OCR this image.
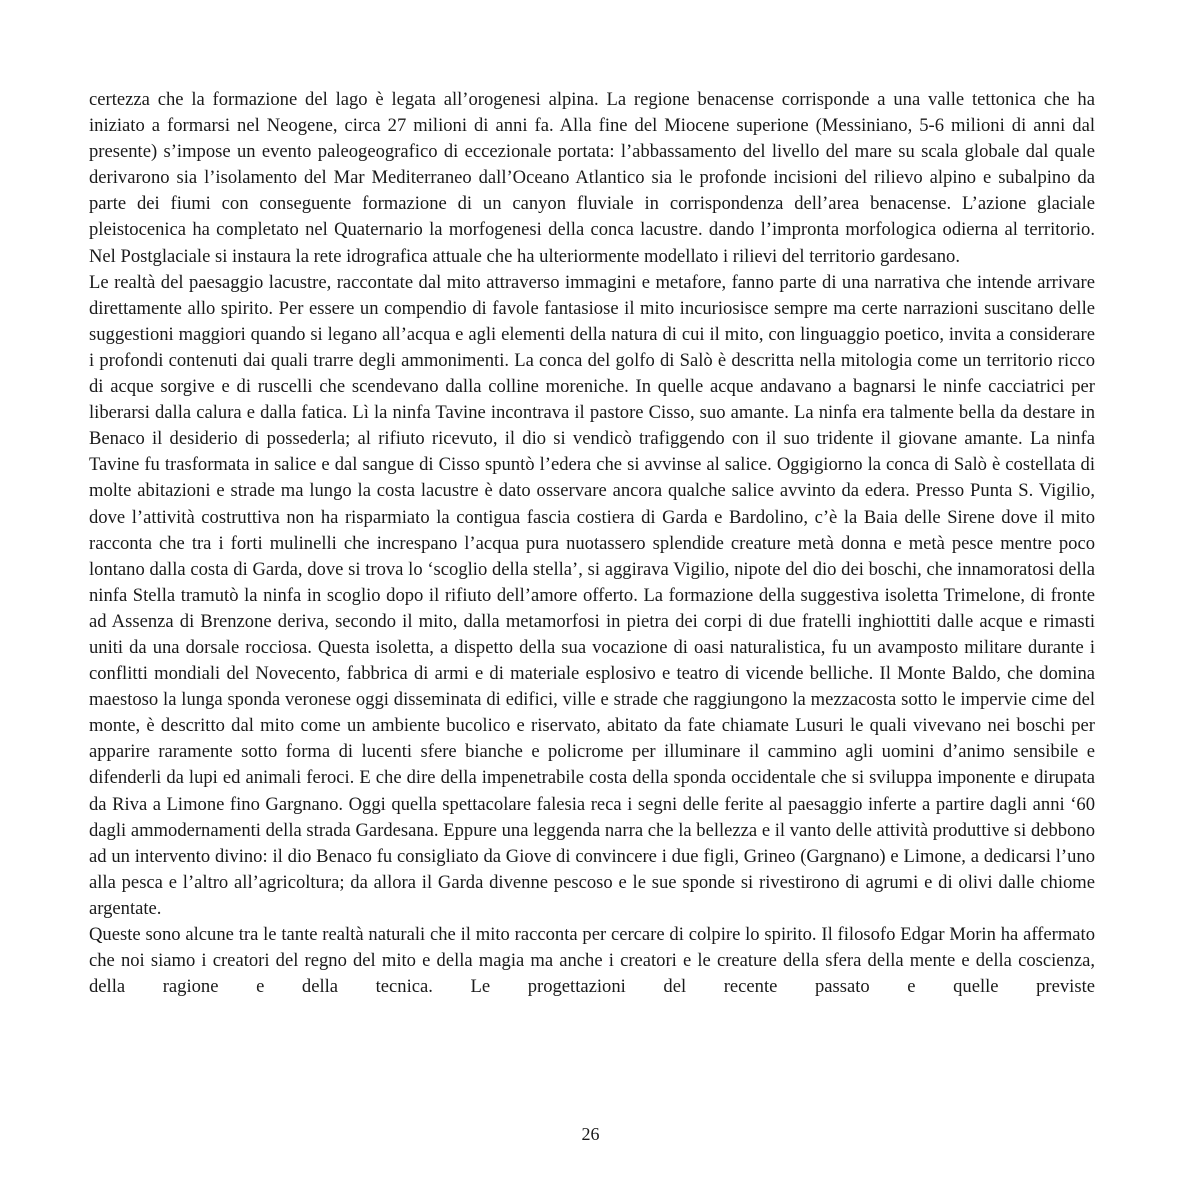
certezza che la formazione del lago è legata all’orogenesi alpina. La regione benacense corrisponde a una valle tettonica che ha iniziato a formarsi nel Neogene, circa 27 milioni di anni fa. Alla fine del Miocene superione (Messiniano, 5-6 milioni di anni dal presente) s’impose un evento paleogeografico di eccezionale portata: l’abbassamento del livello del mare su scala globale dal quale derivarono sia l’isolamento del Mar Mediterraneo dall’Oceano Atlantico sia le profonde incisioni del rilievo alpino e subalpino da parte dei fiumi con conseguente formazione di un canyon fluviale in corrispondenza dell’area benacense. L’azione glaciale pleistocenica ha completato nel Quaternario la morfogenesi della conca lacustre. dando l’impronta morfologica odierna al territorio. Nel Postglaciale si instaura la rete idrografica attuale che ha ulteriormente modellato i rilievi del territorio gardesano.

Le realtà del paesaggio lacustre, raccontate dal mito attraverso immagini e metafore, fanno parte di una narrativa che intende arrivare direttamente allo spirito. Per essere un compendio di favole fantasiose il mito incuriosisce sempre ma certe narrazioni suscitano delle suggestioni maggiori quando si legano all’acqua e agli elementi della natura di cui il mito, con linguaggio poetico, invita a considerare i profondi contenuti dai quali trarre degli ammonimenti. La conca del golfo di Salò è descritta nella mitologia come un territorio ricco di acque sorgive e di ruscelli che scendevano dalla colline moreniche. In quelle acque andavano a bagnarsi le ninfe cacciatrici per liberarsi dalla calura e dalla fatica. Lì la ninfa Tavine incontrava il pastore Cisso, suo amante. La ninfa era talmente bella da destare in Benaco il desiderio di possederla; al rifiuto ricevuto, il dio si vendicò trafiggendo con il suo tridente il giovane amante. La ninfa Tavine fu trasformata in salice e dal sangue di Cisso spuntò l’edera che si avvinse al salice. Oggigiorno la conca di Salò è costellata di molte abitazioni e strade ma lungo la costa lacustre è dato osservare ancora qualche salice avvinto da edera. Presso Punta S. Vigilio, dove l’attività costruttiva non ha risparmiato la contigua fascia costiera di Garda e Bardolino, c’è la Baia delle Sirene dove il mito racconta che tra i forti mulinelli che increspano l’acqua pura nuotassero splendide creature metà donna e metà pesce mentre poco lontano dalla costa di Garda, dove si trova lo ‘scoglio della stella’, si aggirava Vigilio, nipote del dio dei boschi, che innamoratosi della ninfa Stella tramutò la ninfa in scoglio dopo il rifiuto dell’amore offerto. La formazione della suggestiva isoletta Trimelone, di fronte ad Assenza di Brenzone deriva, secondo il mito, dalla metamorfosi in pietra dei corpi di due fratelli inghiottiti dalle acque e rimasti uniti da una dorsale rocciosa. Questa isoletta, a dispetto della sua vocazione di oasi naturalistica, fu un avamposto militare durante i conflitti mondiali del Novecento, fabbrica di armi e di materiale esplosivo e teatro di vicende belliche. Il Monte Baldo, che domina maestoso la lunga sponda veronese oggi disseminata di edifici, ville e strade che raggiungono la mezzacosta sotto le impervie cime del monte, è descritto dal mito come un ambiente bucolico e riservato, abitato da fate chiamate Lusuri le quali vivevano nei boschi per apparire raramente sotto forma di lucenti sfere bianche e policrome per illuminare il cammino agli uomini d’animo sensibile e difenderli da lupi ed animali feroci. E che dire della impenetrabile costa della sponda occidentale che si sviluppa imponente e dirupata da Riva a Limone fino Gargnano. Oggi quella spettacolare falesia reca i segni delle ferite al paesaggio inferte a partire dagli anni ‘60 dagli ammodernamenti della strada Gardesana. Eppure una leggenda narra che la bellezza e il vanto delle attività produttive si debbono ad un intervento divino: il dio Benaco fu consigliato da Giove di convincere i due figli, Grineo (Gargnano) e Limone, a dedicarsi l’uno alla pesca e l’altro all’agricoltura; da allora il Garda divenne pescoso e le sue sponde si rivestirono di agrumi e di olivi dalle chiome argentate.

Queste sono alcune tra le tante realtà naturali che il mito racconta per cercare di colpire lo spirito. Il filosofo Edgar Morin ha affermato che noi siamo i creatori del regno del mito e della magia ma anche i creatori e le creature della sfera della mente e della coscienza, della ragione e della tecnica. Le progettazioni del recente passato e quelle previste

26
